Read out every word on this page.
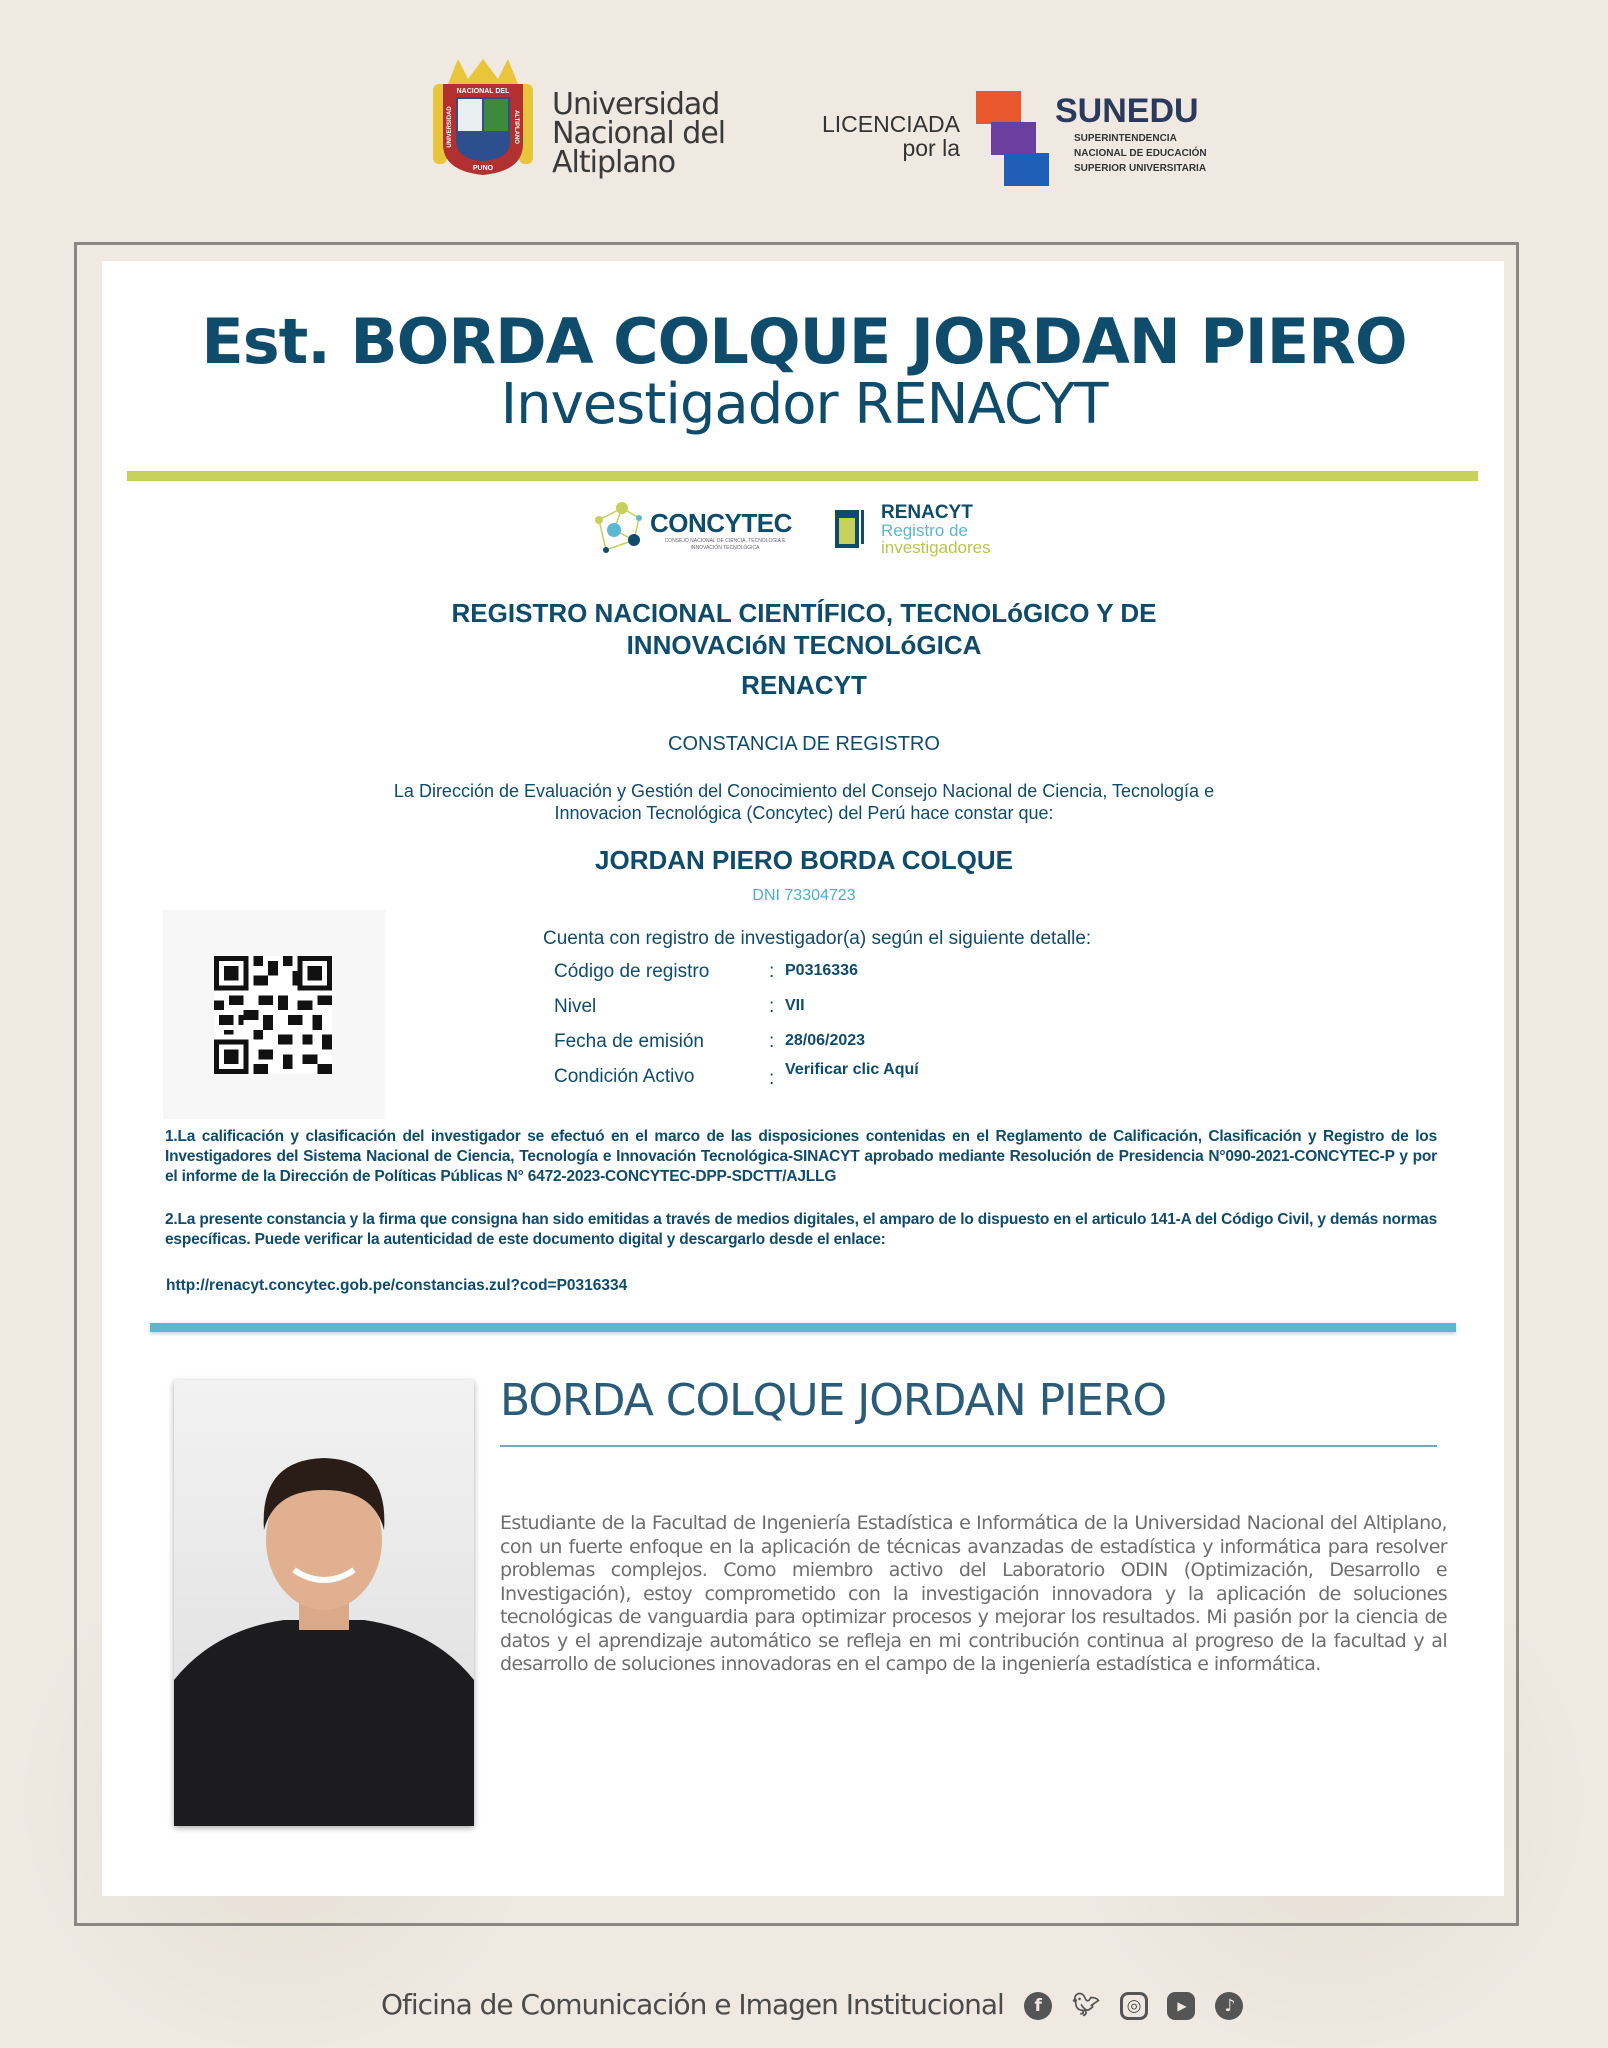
NACIONAL DEL
UNIVERSIDAD	ALTIPLANO
PUNO
Universidad
Nacional del
Altiplano
LICENCIADA
por la
SUNEDU
SUPERINTENDENCIA
NACIONAL DE EDUCACIÓN
SUPERIOR UNIVERSITARIA
Est. BORDA COLQUE JORDAN PIERO
Investigador RENACYT
CONCYTEC
CONSEJO NACIONAL DE CIENCIA, TECNOLOGÍA E INNOVACIÓN TECNOLÓGICA
RENACYT
Registro de
investigadores
REGISTRO NACIONAL CIENTÍFICO, TECNOLóGICO Y DE
INNOVACIóN TECNOLóGICA
RENACYT
CONSTANCIA DE REGISTRO
La Dirección de Evaluación y Gestión del Conocimiento del Consejo Nacional de Ciencia, Tecnología e
Innovacion Tecnológica (Concytec) del Perú hace constar que:
JORDAN PIERO BORDA COLQUE
DNI 73304723
Cuenta con registro de investigador(a) según el siguiente detalle:
Código de registro	: P0316336
Nivel	: VII
Fecha de emisión	: 28/06/2023
Condición Activo	: Verificar clic Aquí
1.La calificación y clasificación del investigador se efectuó en el marco de las disposiciones contenidas en el Reglamento de Calificación, Clasificación y Registro de los Investigadores del Sistema Nacional de Ciencia, Tecnología e Innovación Tecnológica-SINACYT aprobado mediante Resolución de Presidencia N°090-2021-CONCYTEC-P y por el informe de la Dirección de Políticas Públicas N° 6472-2023-CONCYTEC-DPP-SDCTT/AJLLG
2.La presente constancia y la firma que consigna han sido emitidas a través de medios digitales, el amparo de lo dispuesto en el articulo 141-A del Código Civil, y demás normas específicas. Puede verificar la autenticidad de este documento digital y descargarlo desde el enlace:
http://renacyt.concytec.gob.pe/constancias.zul?cod=P0316334
BORDA COLQUE JORDAN PIERO
Estudiante de la Facultad de Ingeniería Estadística e Informática de la Universidad Nacional del Altiplano, con un fuerte enfoque en la aplicación de técnicas avanzadas de estadística y informática para resolver problemas complejos. Como miembro activo del Laboratorio ODIN (Optimización, Desarrollo e Investigación), estoy comprometido con la investigación innovadora y la aplicación de soluciones tecnológicas de vanguardia para optimizar procesos y mejorar los resultados. Mi pasión por la ciencia de datos y el aprendizaje automático se refleja en mi contribución continua al progreso de la facultad y al desarrollo de soluciones innovadoras en el campo de la ingeniería estadística e informática.
Oficina de Comunicación e Imagen Institucional f 🐦︎ ◎	▶ ♪
